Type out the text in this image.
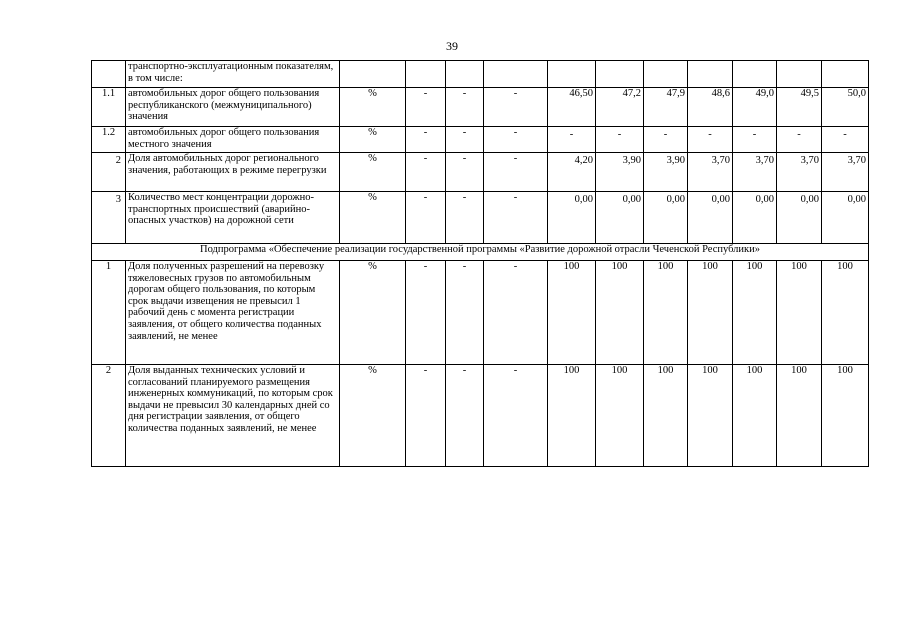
39
	транспортно-эксплуатационным показателям, в том числе:											
1.1	автомобильных дорог общего пользования республиканского (межмуниципального) значения	%	-	-	-	46,50	47,2	47,9	48,6	49,0	49,5	50,0
1.2	автомобильных дорог общего пользования местного значения	%	-	-	-	-	-	-	-	-	-	-
2	Доля автомобильных дорог регионального значения, работающих в режиме перегрузки	%	-	-	-	4,20	3,90	3,90	3,70	3,70	3,70	3,70
3	Количество мест концентрации дорожно-транспортных происшествий (аварийно-опасных участков) на дорожной сети	%	-	-	-	0,00	0,00	0,00	0,00	0,00	0,00	0,00
Подпрограмма «Обеспечение реализации государственной программы «Развитие дорожной отрасли Чеченской Республики»												
1	Доля полученных разрешений на перевозку тяжеловесных грузов по автомобильным дорогам общего пользования, по которым срок выдачи извещения не превысил 1 рабочий день с момента регистрации заявления, от общего количества поданных заявлений, не менее	%	-	-	-	100	100	100	100	100	100	100
2	Доля выданных технических условий и согласований планируемого размещения инженерных коммуникаций, по которым срок выдачи не превысил 30 календарных дней со дня регистрации заявления, от общего количества поданных заявлений, не менее	%	-	-	-	100	100	100	100	100	100	100
